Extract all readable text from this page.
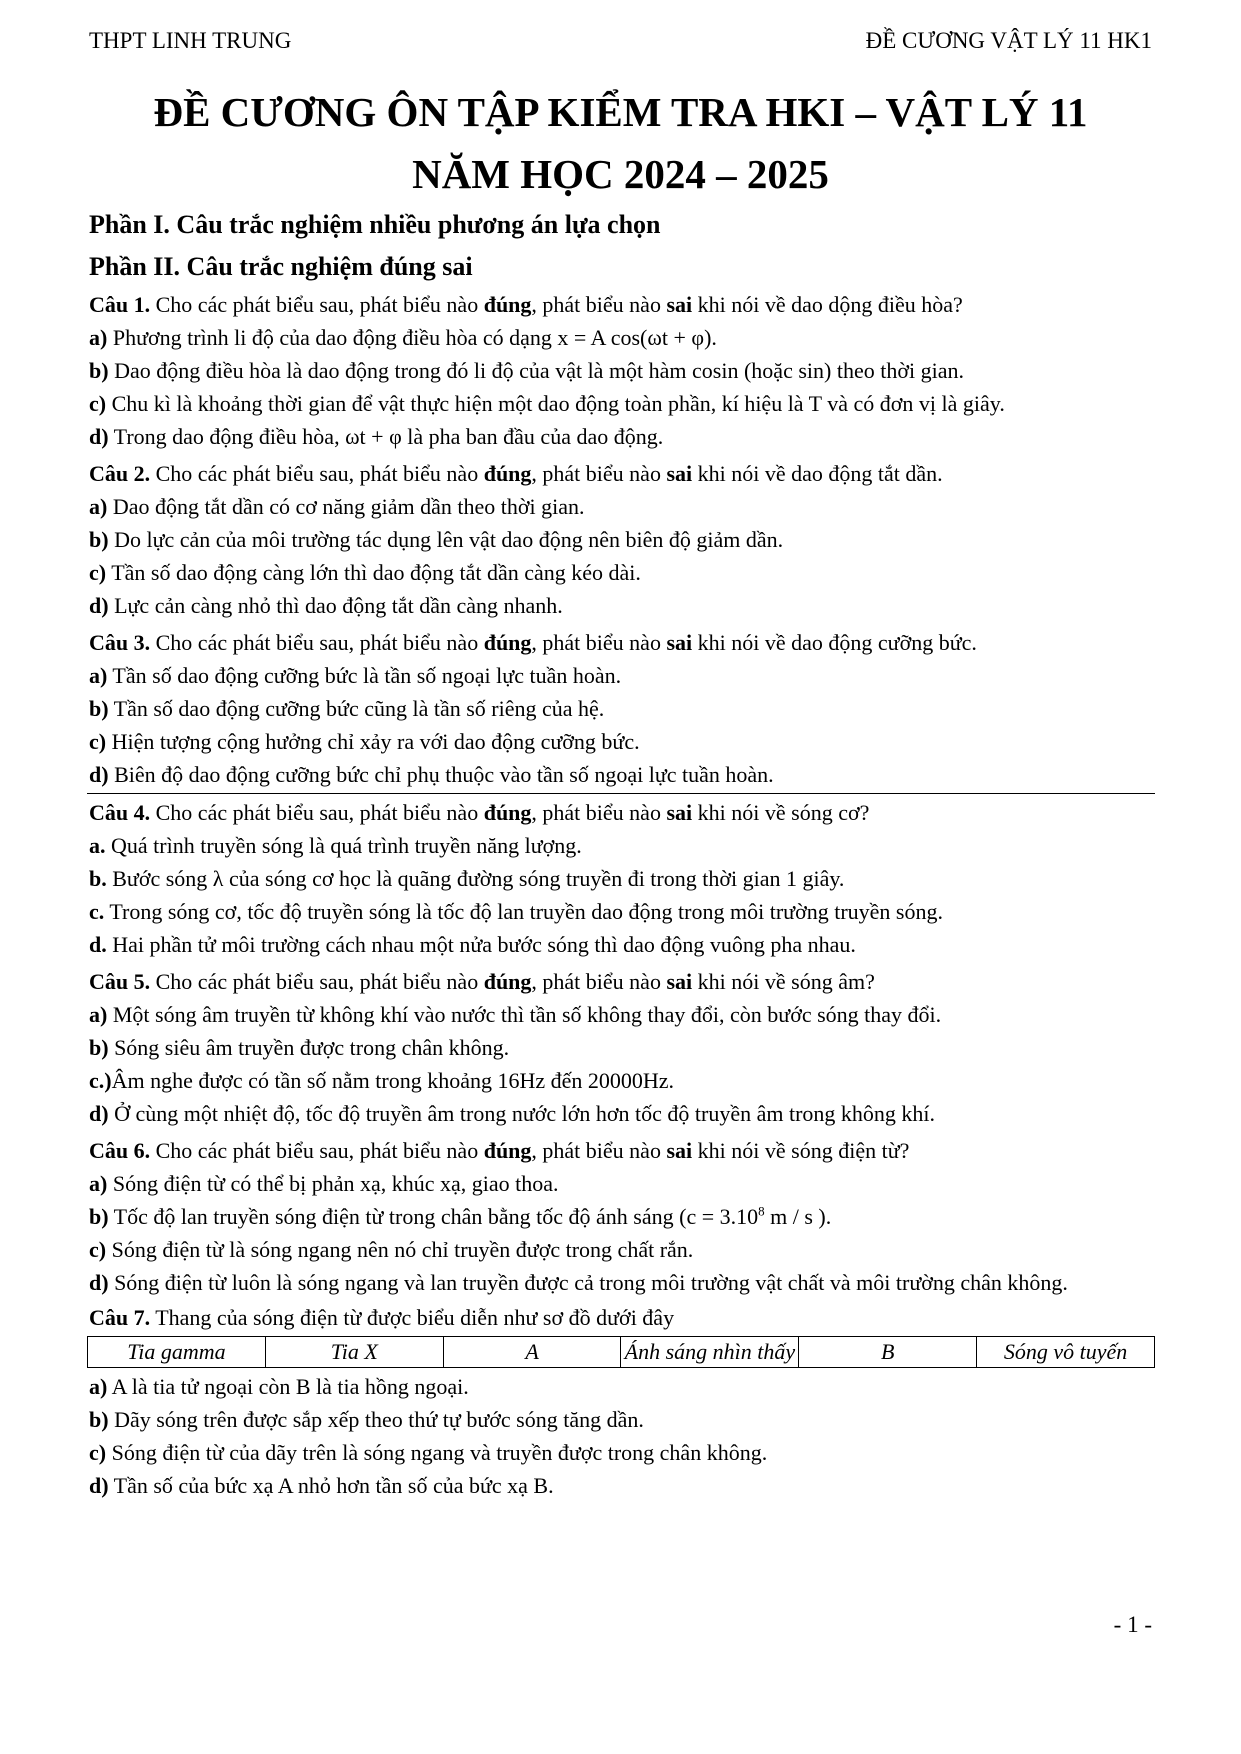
THPT LINH TRUNG	ĐỀ CƯƠNG VẬT LÝ 11 HK1
ĐỀ CƯƠNG ÔN TẬP KIỂM TRA HKI – VẬT LÝ 11
NĂM HỌC 2024 – 2025

Phần I. Câu trắc nghiệm nhiều phương án lựa chọn

Phần II. Câu trắc nghiệm đúng sai

Câu 1. Cho các phát biểu sau, phát biểu nào đúng, phát biểu nào sai khi nói về dao dộng điều hòa?

a) Phương trình li độ của dao động điều hòa có dạng x = A cos(ωt + φ).

b) Dao động điều hòa là dao động trong đó li độ của vật là một hàm cosin (hoặc sin) theo thời gian.

c) Chu kì là khoảng thời gian để vật thực hiện một dao động toàn phần, kí hiệu là T và có đơn vị là giây.

d) Trong dao động điều hòa, ωt + φ là pha ban đầu của dao động.

Câu 2. Cho các phát biểu sau, phát biểu nào đúng, phát biểu nào sai khi nói về dao động tắt dần.

a) Dao động tắt dần có cơ năng giảm dần theo thời gian.

b) Do lực cản của môi trường tác dụng lên vật dao động nên biên độ giảm dần.

c) Tần số dao động càng lớn thì dao động tắt dần càng kéo dài.

d) Lực cản càng nhỏ thì dao động tắt dần càng nhanh.

Câu 3. Cho các phát biểu sau, phát biểu nào đúng, phát biểu nào sai khi nói về dao động cưỡng bức.

a) Tần số dao động cưỡng bức là tần số ngoại lực tuần hoàn.

b) Tần số dao động cưỡng bức cũng là tần số riêng của hệ.

c) Hiện tượng cộng hưởng chỉ xảy ra với dao động cưỡng bức.

d) Biên độ dao động cưỡng bức chỉ phụ thuộc vào tần số ngoại lực tuần hoàn.

Câu 4. Cho các phát biểu sau, phát biểu nào đúng, phát biểu nào sai khi nói về sóng cơ?

a. Quá trình truyền sóng là quá trình truyền năng lượng.

b. Bước sóng λ của sóng cơ học là quãng đường sóng truyền đi trong thời gian 1 giây.

c. Trong sóng cơ, tốc độ truyền sóng là tốc độ lan truyền dao động trong môi trường truyền sóng.

d. Hai phần tử môi trường cách nhau một nửa bước sóng thì dao động vuông pha nhau.

Câu 5. Cho các phát biểu sau, phát biểu nào đúng, phát biểu nào sai khi nói về sóng âm?

a) Một sóng âm truyền từ không khí vào nước thì tần số không thay đổi, còn bước sóng thay đổi.

b) Sóng siêu âm truyền được trong chân không.

c.)Âm nghe được có tần số nằm trong khoảng 16Hz đến 20000Hz.

d) Ở cùng một nhiệt độ, tốc độ truyền âm trong nước lớn hơn tốc độ truyền âm trong không khí.

Câu 6. Cho các phát biểu sau, phát biểu nào đúng, phát biểu nào sai khi nói về sóng điện từ?

a) Sóng điện từ có thể bị phản xạ, khúc xạ, giao thoa.

b) Tốc độ lan truyền sóng điện từ trong chân bằng tốc độ ánh sáng ($c = 3.10^8$ m / s ).

c) Sóng điện từ là sóng ngang nên nó chỉ truyền được trong chất rắn.

d) Sóng điện từ luôn là sóng ngang và lan truyền được cả trong môi trường vật chất và môi trường chân không.

Câu 7. Thang của sóng điện từ được biểu diễn như sơ đồ dưới đây

Tia gamma	Tia X	A	Ánh sáng nhìn thấy	B	Sóng vô tuyến

a) A là tia tử ngoại còn B là tia hồng ngoại.

b) Dãy sóng trên được sắp xếp theo thứ tự bước sóng tăng dần.

c) Sóng điện từ của dãy trên là sóng ngang và truyền được trong chân không.

d) Tần số của bức xạ A nhỏ hơn tần số của bức xạ B.

- 1 -
